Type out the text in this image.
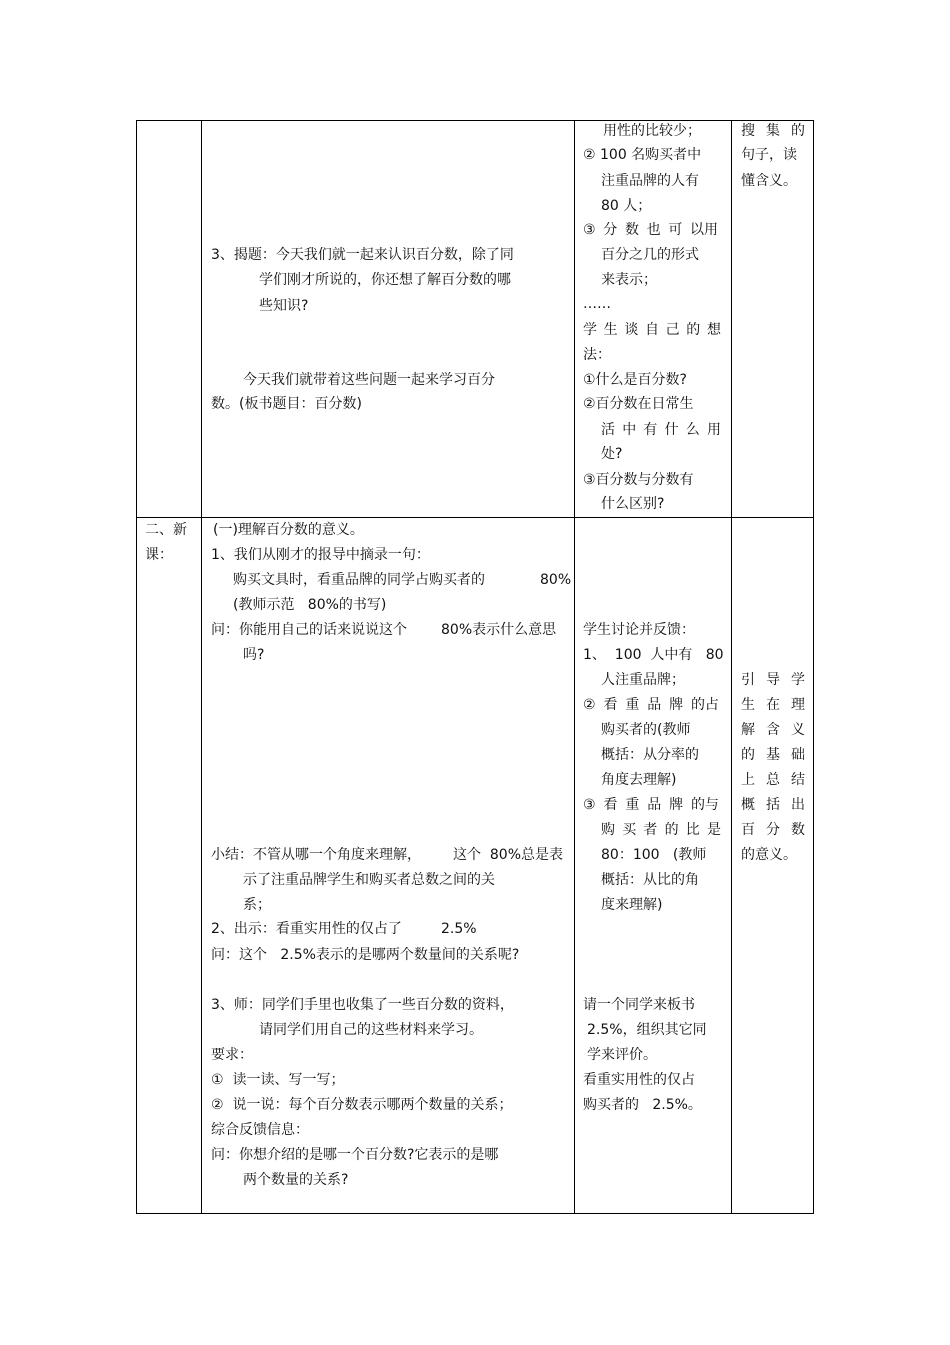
3、揭题：今天我们就一起来认识百分数，除了同
学们刚才所说的，你还想了解百分数的哪
些知识?
今天我们就带着这些问题一起来学习百分
数。(板书题目：百分数)
用性的比较少；
② 100 名购买者中
注重品牌的人有
80 人；
③ 分 数 也 可 以用
百分之几的形式
来表示；
……
学 生 谈 自 己 的 想
法：
①什么是百分数?
②百分数在日常生
活 中 有 什 么 用
处?
③百分数与分数有
什么区别?
搜 集 的
句子，读
懂含义。
二、新
课：
(一)理解百分数的意义。
1、我们从刚才的报导中摘录一句：
购买文具时，看重品牌的同学占购买者的	80%
(教师示范   80%的书写)
问：你能用自己的话来说说这个 80%表示什么意思
吗?
小结：不管从哪一个角度来理解， 这个  80%总是表
示了注重品牌学生和购买者总数之间的关
系；
2、出示：看重实用性的仅占了	2.5%
问：这个   2.5%表示的是哪两个数量间的关系呢?
3、师：同学们手里也收集了一些百分数的资料，
请同学们用自己的这些材料来学习。
要求：
①  读一读、写一写；
②  说一说：每个百分数表示哪两个数量的关系；
综合反馈信息：
问：你想介绍的是哪一个百分数?它表示的是哪
两个数量的关系?
学生讨论并反馈：
1、  100  人中有   80
人注重品牌；
② 看 重 品 牌 的占
购买者的(教师
概括：从分率的
角度去理解)
③ 看 重 品 牌 的与
购 买 者 的 比 是
80：100   (教师
概括：从比的角
度来理解)
请一个同学来板书
2.5%，组织其它同
学来评价。
看重实用性的仅占
购买者的   2.5%。
引 导 学
生 在 理
解 含 义
的 基 础
上 总 结
概 括 出
百 分 数
的意义。
